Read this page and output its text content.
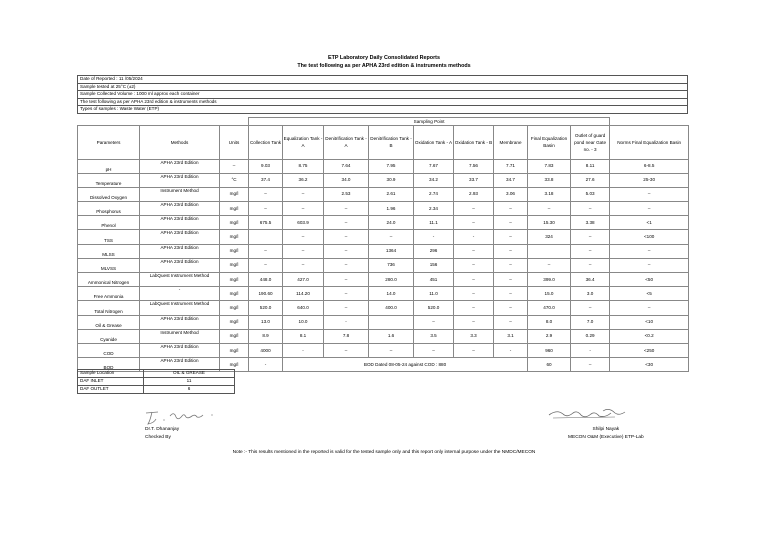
ETP Laboratory Daily Consolidated Reports
The test following as per APHA 23rd edition & instruments methods
Date of Reported : 11 /05/2024
Sample tested at 25°C (±2)
Sample Collected Volume : 1000 ml approx each container
The test following as per APHA 23rd edition & instruments methods
Types of samples : Waste Water (ETP)
			Sampling Point									
Parameters	Methods	Units	Collection Tank	Equalization Tank - A	Denitrification Tank - A	Denitrification Tank - B	Oxidation Tank - A	Oxidation Tank - B	Membrane	Final Equalization Basin	Outlet of guard pond near Gate no. - 3	Norms Final Equalization Basin
pH	APHA 23rd Edition	–	9.03	8.75	7.64	7.95	7.67	7.56	7.71	7.83	8.11	6-8.5
Temperature	APHA 23rd Edition	°C	37.4	36.2	34.0	30.9	34.2	33.7	34.7	33.8	27.6	25-30
Dissolved Oxygen	Instrument Method	mg/l	–	–	2.53	2.61	2.74	2.93	3.06	3.18	5.03	–
Phosphorus	APHA 23rd Edition	mg/l	–	–	–	1.96	2.34	–	–	–	–	–
Phenol	APHA 23rd Edition	mg/l	675.5	603.9	–	24.0	11.1	–	–	15.30	3.38	<1
TSS	APHA 23rd Edition	mg/l		–	–	–	-	-	–	324	–	<100
MLSS	APHA 23rd Edition	mg/l	–	–	–	1364	296	–	–		–	–
MLVSS	APHA 23rd Edition	mg/l	–	–	–	736	156	–	–	–	–	–
Ammonical Nitrogen	LabQuest Instrument Method	mg/l	448.0	427.0	–	280.0	451	–	–	399.0	36.4	<50
Free Ammonia	-	mg/l	190.60	114.20	–	14.0	11.0	–	–	15.0	3.0	<5
Total Nitrogen	LabQuest Instrument Method	mg/l	520.0	640.0	–	400.0	520.0	–	–	470.0	–	–
Oil & Grease	APHA 23rd Edition	mg/l	13.0	10.0	-		–	–	–	8.0	7.0	<10
Cyanide	Instrument Method	mg/l	8.9	8.1	7.8	1.6	3.5	3.3	3.1	2.9	0.29	<0.2
COD	APHA 23rd Edition	mg/l	4000	-	–	–	–	–	-	960	-	<250
BOD	APHA 23rd Edition	mg/l	-	BOD Dated 08-05-24 against COD : 880						60	–	<30
Sample Location	OIL & GREASE
DAF INLET	11
DAF OUTLET	6
Dr.T. Dhananjay
Checked By
Shilpi Nayak
MECON O&M (Executive) ETP-Lab
Note :- This results mentioned in the reported is valid for the tested sample only and this report only internal purpose under the NMDC/MECON
